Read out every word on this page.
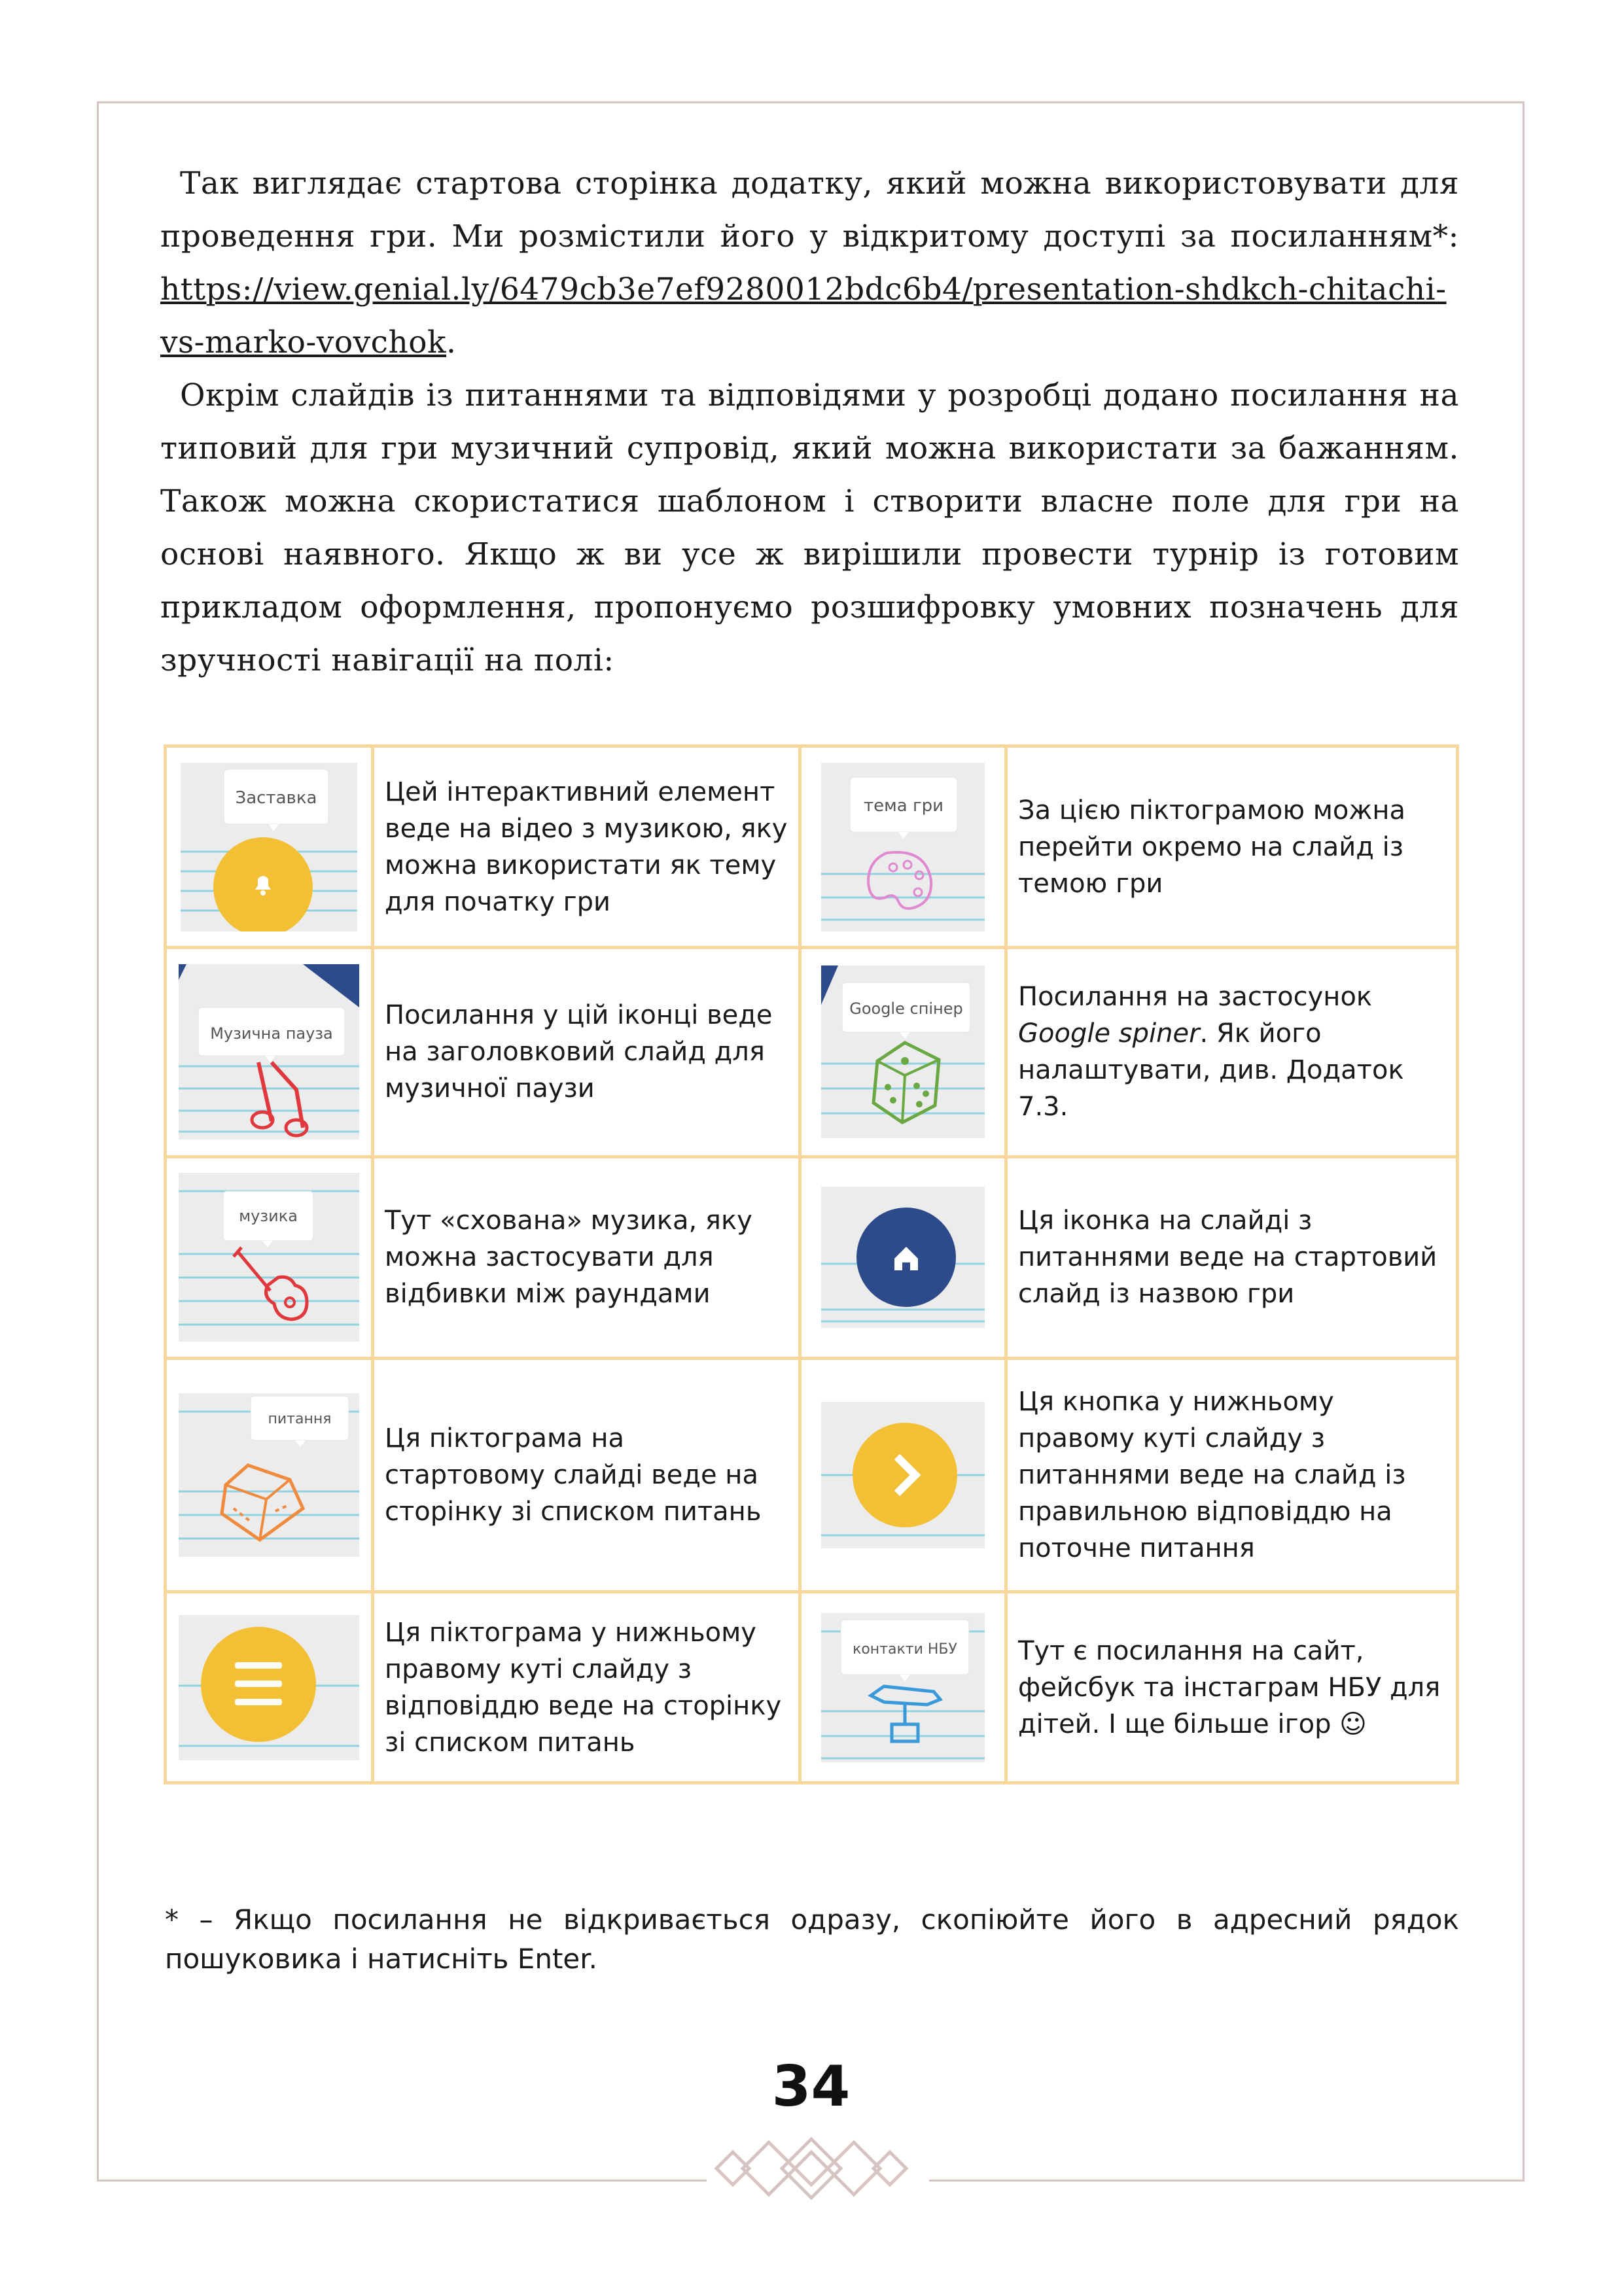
Так виглядає стартова сторінка додатку, який можна використовувати для проведення гри. Ми розмістили його у відкритому доступі за посиланням*: https://view.genial.ly/6479cb3e7ef9280012bdc6b4/presentation-shdkch-chitachi-vs-marko-vovchok.

Окрім слайдів із питаннями та відповідями у розробці додано посилання на типовий для гри музичний супровід, який можна використати за бажанням. Також можна скористатися шаблоном і створити власне поле для гри на основі наявного. Якщо ж ви усе ж вирішили провести турнір із готовим прикладом оформлення, пропонуємо розшифровку умовних позначень для зручності навігації на полі:

Заставка	Цей інтерактивний елемент веде на відео з музикою, яку можна використати як тему для початку гри	тема гри	За цією піктограмою можна перейти окремо на слайд із темою гри

Музична пауза	Посилання у цій іконці веде на заголовковий слайд для музичної паузи	Google спінер	Посилання на застосунок Google spiner. Як його налаштувати, див. Додаток 7.3.

музика	Тут «схована» музика, яку можна застосувати для відбивки між раундами		Ця іконка на слайді з питаннями веде на стартовий слайд із назвою гри

питання	Ця піктограма на стартовому слайді веде на сторінку зі списком питань		Ця кнопка у нижньому правому куті слайду з питаннями веде на слайд із правильною відповіддю на поточне питання

	Ця піктограма у нижньому правому куті слайду з відповіддю веде на сторінку зі списком питань	контакти НБУ	Тут є посилання на сайт, фейсбук та інстаграм НБУ для дітей. І ще більше ігор ☺
* – Якщо посилання не відкривається одразу, скопіюйте його в адресний рядок пошуковика і натисніть Enter.
34
